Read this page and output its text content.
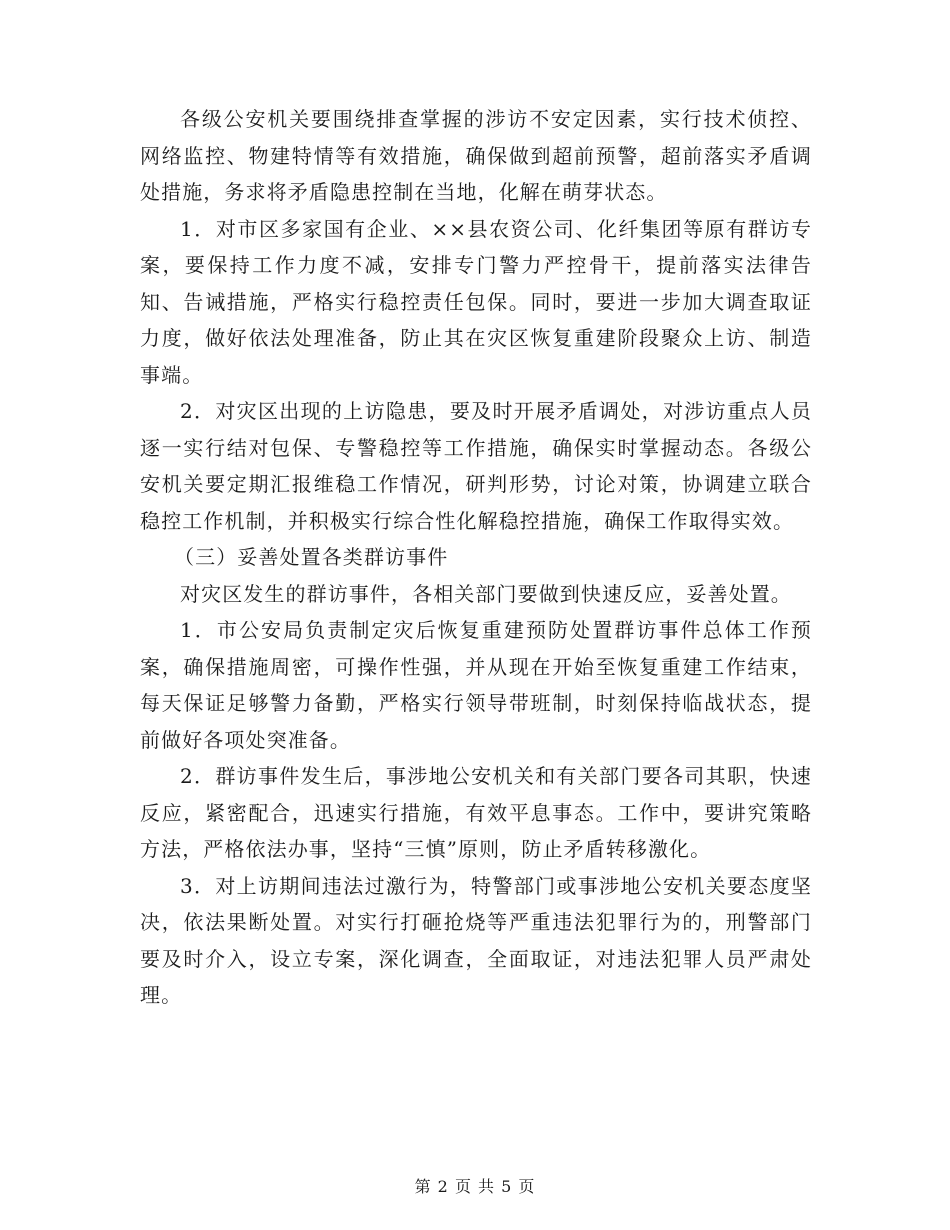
各级公安机关要围绕排查掌握的涉访不安定因素，实行技术侦控、网络监控、物建特情等有效措施，确保做到超前预警，超前落实矛盾调处措施，务求将矛盾隐患控制在当地，化解在萌芽状态。

1．对市区多家国有企业、××县农资公司、化纤集团等原有群访专案，要保持工作力度不减，安排专门警力严控骨干，提前落实法律告知、告诫措施，严格实行稳控责任包保。同时，要进一步加大调查取证力度，做好依法处理准备，防止其在灾区恢复重建阶段聚众上访、制造事端。

2．对灾区出现的上访隐患，要及时开展矛盾调处，对涉访重点人员逐一实行结对包保、专警稳控等工作措施，确保实时掌握动态。各级公安机关要定期汇报维稳工作情况，研判形势，讨论对策，协调建立联合稳控工作机制，并积极实行综合性化解稳控措施，确保工作取得实效。

（三）妥善处置各类群访事件

对灾区发生的群访事件，各相关部门要做到快速反应，妥善处置。

1．市公安局负责制定灾后恢复重建预防处置群访事件总体工作预案，确保措施周密，可操作性强，并从现在开始至恢复重建工作结束，每天保证足够警力备勤，严格实行领导带班制，时刻保持临战状态，提前做好各项处突准备。

2．群访事件发生后，事涉地公安机关和有关部门要各司其职，快速反应，紧密配合，迅速实行措施，有效平息事态。工作中，要讲究策略方法，严格依法办事，坚持“三慎”原则，防止矛盾转移激化。

3．对上访期间违法过激行为，特警部门或事涉地公安机关要态度坚决，依法果断处置。对实行打砸抢烧等严重违法犯罪行为的，刑警部门要及时介入，设立专案，深化调查，全面取证，对违法犯罪人员严肃处理。

第 2 页 共 5 页
